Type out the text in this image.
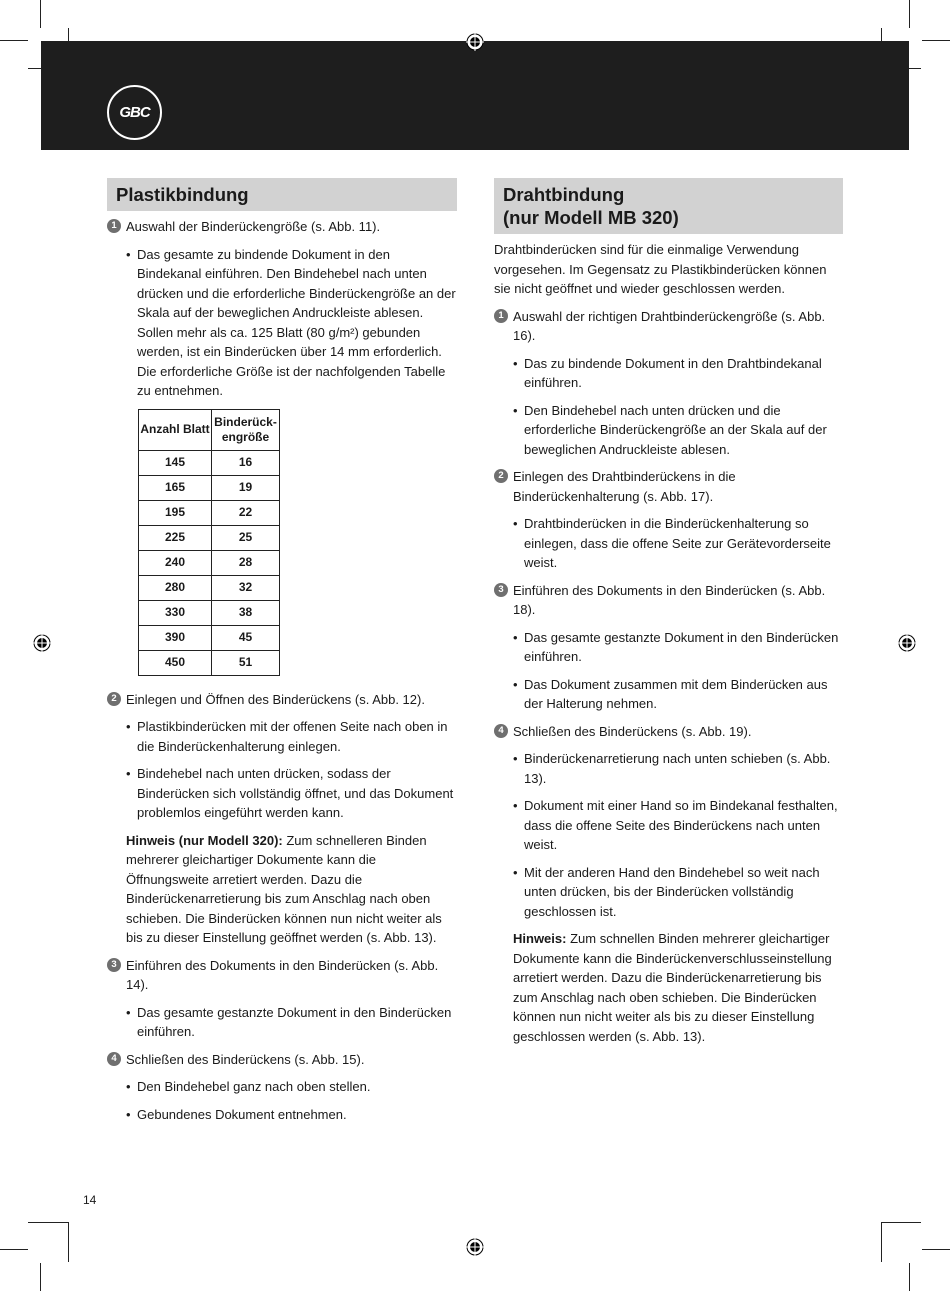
GBC
Plastikbindung
1 Auswahl der Binderückengröße (s. Abb. 11).
• Das gesamte zu bindende Dokument in den Bindekanal einführen. Den Bindehebel nach unten drücken und die erforderliche Binderückengröße an der Skala auf der beweglichen Andruckleiste ablesen. Sollen mehr als ca. 125 Blatt (80 g/m²) gebunden werden, ist ein Binderücken über 14 mm erforderlich. Die erforderliche Größe ist der nachfolgenden Tabelle zu entnehmen.
Anzahl Blatt	Binderück-engröße
145	16
165	19
195	22
225	25
240	28
280	32
330	38
390	45
450	51
2 Einlegen und Öffnen des Binderückens (s. Abb. 12).
• Plastikbinderücken mit der offenen Seite nach oben in die Binderückenhalterung einlegen.
• Bindehebel nach unten drücken, sodass der Binderücken sich vollständig öffnet, und das Dokument problemlos eingeführt werden kann.
Hinweis (nur Modell 320): Zum schnelleren Binden mehrerer gleichartiger Dokumente kann die Öffnungsweite arretiert werden. Dazu die Binderückenarretierung bis zum Anschlag nach oben schieben. Die Binderücken können nun nicht weiter als bis zu dieser Einstellung geöffnet werden (s. Abb. 13).
3 Einführen des Dokuments in den Binderücken (s. Abb. 14).
• Das gesamte gestanzte Dokument in den Binderücken einführen.
4 Schließen des Binderückens (s. Abb. 15).
• Den Bindehebel ganz nach oben stellen.
• Gebundenes Dokument entnehmen.
Drahtbindung
(nur Modell MB 320)

Drahtbinderücken sind für die einmalige Verwendung vorgesehen. Im Gegensatz zu Plastikbinderücken können sie nicht geöffnet und wieder geschlossen werden.

1 Auswahl der richtigen Drahtbinderückengröße (s. Abb. 16).
• Das zu bindende Dokument in den Drahtbindekanal einführen.
• Den Bindehebel nach unten drücken und die erforderliche Binderückengröße an der Skala auf der beweglichen Andruckleiste ablesen.
2 Einlegen des Drahtbinderückens in die Binderückenhalterung (s. Abb. 17).
• Drahtbinderücken in die Binderückenhalterung so einlegen, dass die offene Seite zur Gerätevorderseite weist.
3 Einführen des Dokuments in den Binderücken (s. Abb. 18).
• Das gesamte gestanzte Dokument in den Binderücken einführen.
• Das Dokument zusammen mit dem Binderücken aus der Halterung nehmen.
4 Schließen des Binderückens (s. Abb. 19).
• Binderückenarretierung nach unten schieben (s. Abb. 13).
• Dokument mit einer Hand so im Bindekanal festhalten, dass die offene Seite des Binderückens nach unten weist.
• Mit der anderen Hand den Bindehebel so weit nach unten drücken, bis der Binderücken vollständig geschlossen ist.
Hinweis: Zum schnellen Binden mehrerer gleichartiger Dokumente kann die Binderückenverschlusseinstellung arretiert werden. Dazu die Binderückenarretierung bis zum Anschlag nach oben schieben. Die Binderücken können nun nicht weiter als bis zu dieser Einstellung geschlossen werden (s. Abb. 13).
14
